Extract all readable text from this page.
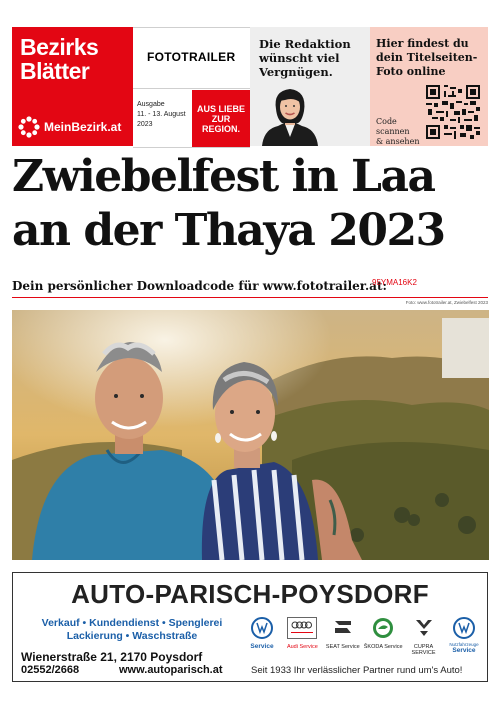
Bezirks
Blätter
MeinBezirk.at
FOTOTRAILER
Ausgabe
11. - 13. August
2023
AUS LIEBE
ZUR
REGION.
Die Redaktion
wünscht viel
Vergnügen.
Hier findest du
dein Titelseiten-
Foto online
Code
scannen
& ansehen
Zwiebelfest in Laa
an der Thaya 2023
Dein persönlicher Downloadcode für www.fototrailer.at:
95YMA16K2
Foto: www.fototrailer.at, Zwiebelfest 2023
AUTO-PARISCH-POYSDORF
Verkauf • Kundendienst • Spenglerei
Lackierung • Waschstraße
Wienerstraße 21, 2170 Poysdorf
02552/2668	www.autoparisch.at	Seit 1933 Ihr verlässlicher Partner rund um's Auto!
Service	Audi Service	SEAT Service ŠKODA Service	CUPRA SERVICE
Nutzfahrzeuge
Service
